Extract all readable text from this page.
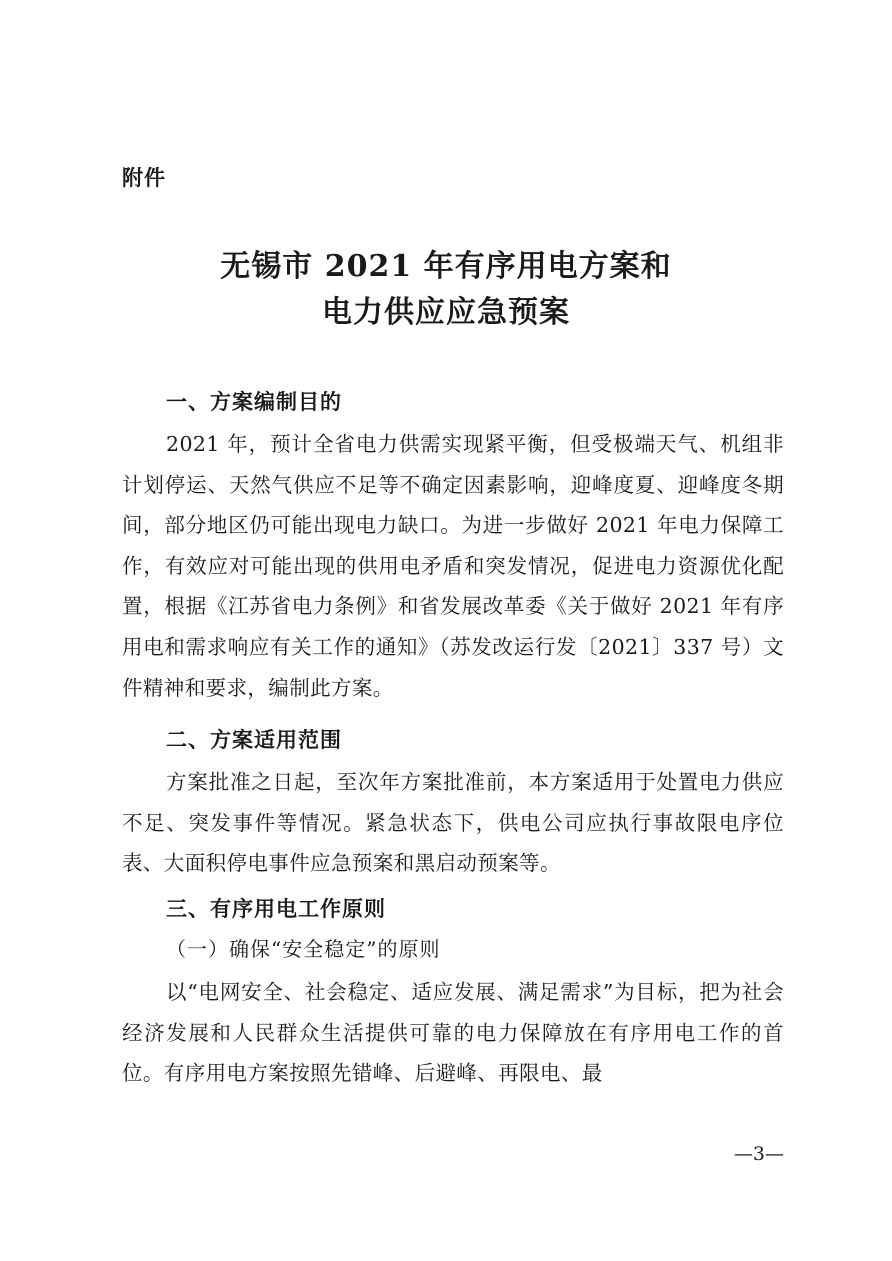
附件
无锡市 2021 年有序用电方案和
电力供应应急预案
一、方案编制目的
2021 年，预计全省电力供需实现紧平衡，但受极端天气、机组非计划停运、天然气供应不足等不确定因素影响，迎峰度夏、迎峰度冬期间，部分地区仍可能出现电力缺口。为进一步做好 2021 年电力保障工作，有效应对可能出现的供用电矛盾和突发情况，促进电力资源优化配置，根据《江苏省电力条例》和省发展改革委《关于做好 2021 年有序用电和需求响应有关工作的通知》（苏发改运行发〔2021〕337 号）文件精神和要求，编制此方案。
二、方案适用范围
方案批准之日起，至次年方案批准前，本方案适用于处置电力供应不足、突发事件等情况。紧急状态下，供电公司应执行事故限电序位表、大面积停电事件应急预案和黑启动预案等。
三、有序用电工作原则
（一）确保“安全稳定”的原则
以“电网安全、社会稳定、适应发展、满足需求”为目标，把为社会经济发展和人民群众生活提供可靠的电力保障放在有序用电工作的首位。有序用电方案按照先错峰、后避峰、再限电、最
—3—
